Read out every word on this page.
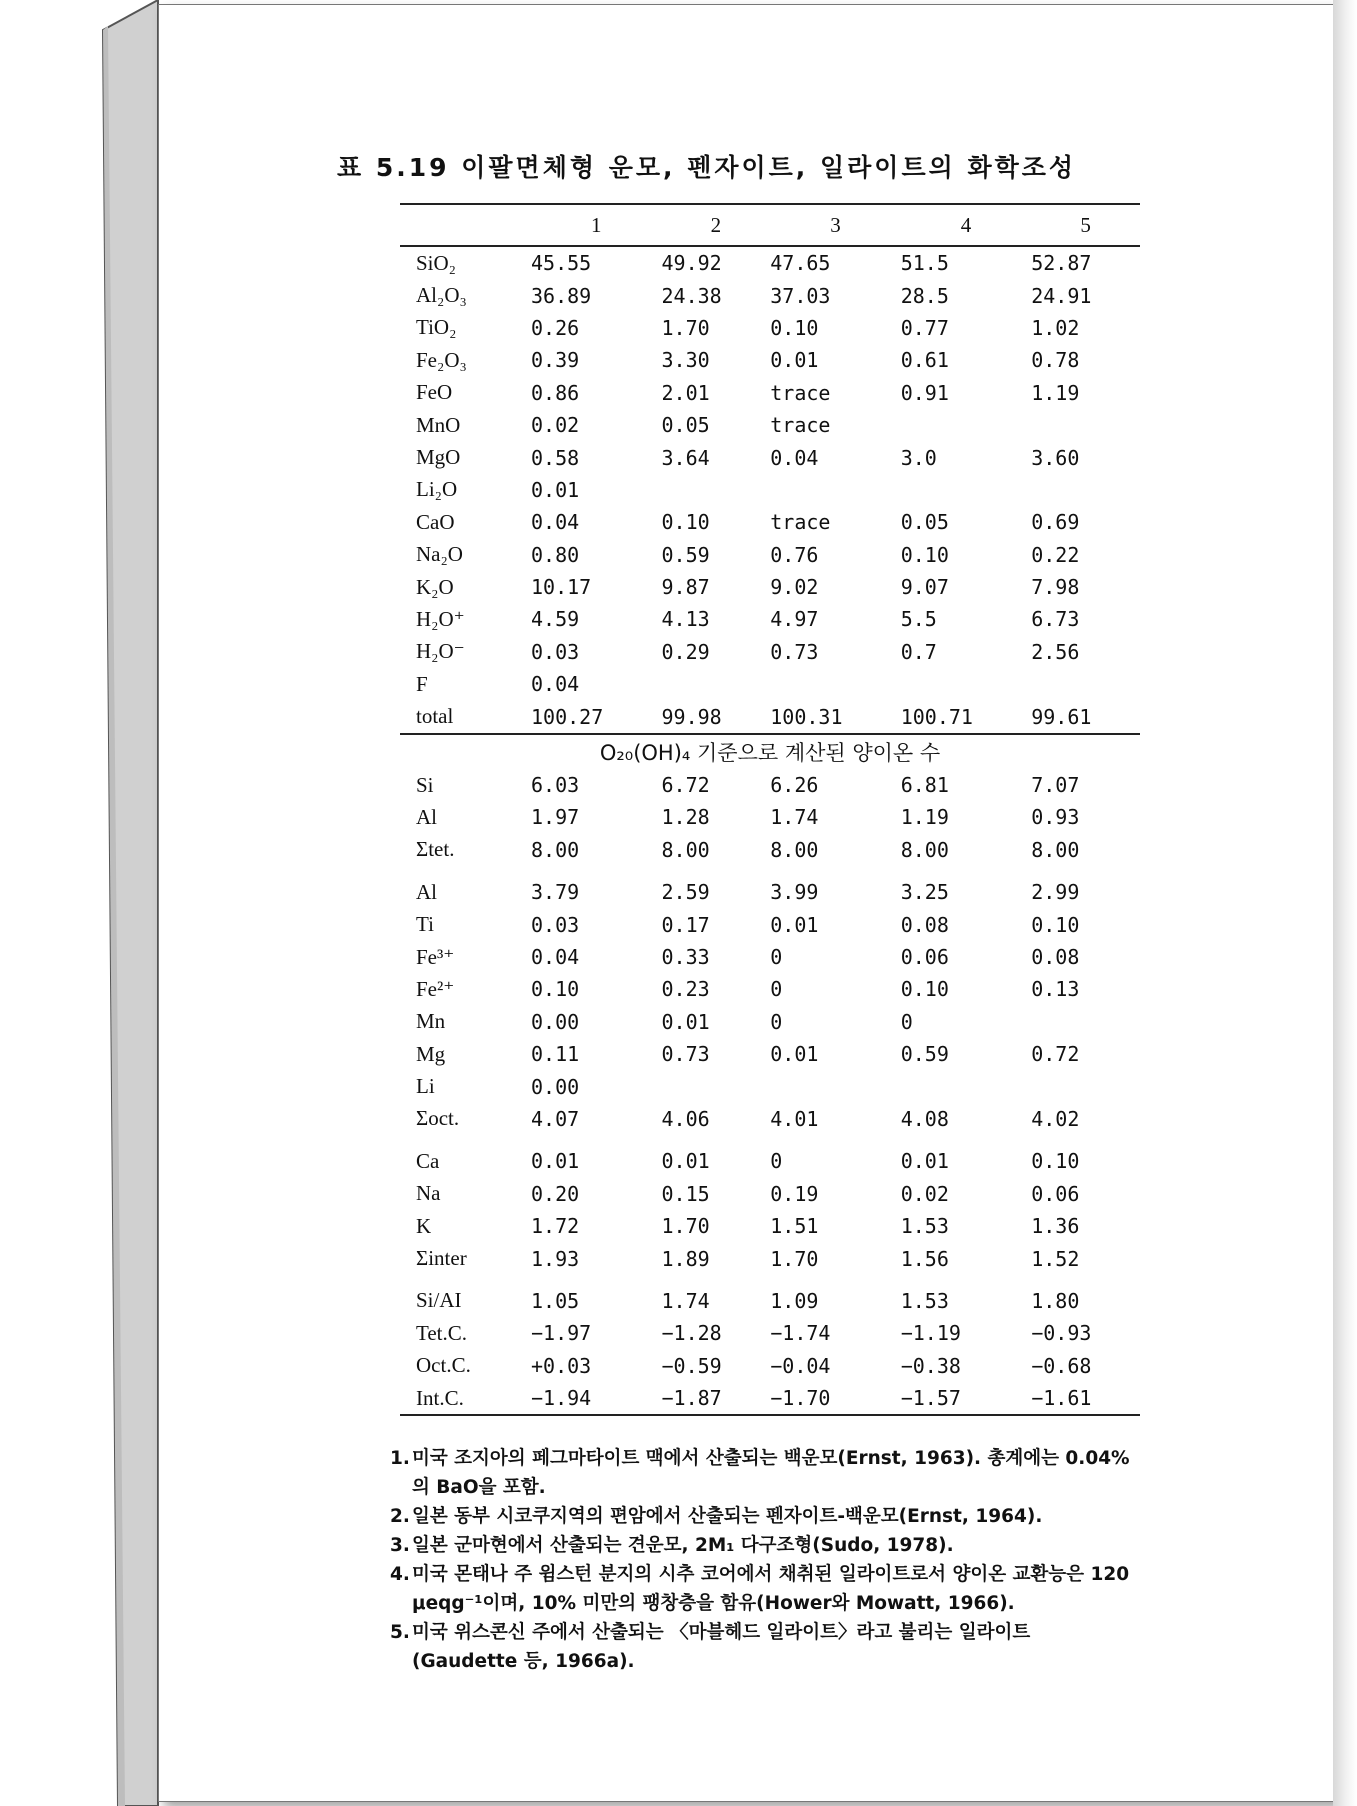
표 5.19 이팔면체형 운모, 펜자이트, 일라이트의 화학조성
	1	2	3	4	5
SiO₂	45.55	49.92	47.65	51.5	52.87
Al₂O₃	36.89	24.38	37.03	28.5	24.91
TiO₂	0.26	1.70	0.10	0.77	1.02
Fe₂O₃	0.39	3.30	0.01	0.61	0.78
FeO	0.86	2.01	trace	0.91	1.19
MnO	0.02	0.05	trace		
MgO	0.58	3.64	0.04	3.0	3.60
Li₂O	0.01				
CaO	0.04	0.10	trace	0.05	0.69
Na₂O	0.80	0.59	0.76	0.10	0.22
K₂O	10.17	9.87	9.02	9.07	7.98
H₂O⁺	4.59	4.13	4.97	5.5	6.73
H₂O⁻	0.03	0.29	0.73	0.7	2.56
F	0.04				
total	100.27	99.98	100.31	100.71	99.61
O₂₀(OH)₄ 기준으로 계산된 양이온 수					
Si	6.03	6.72	6.26	6.81	7.07
Al	1.97	1.28	1.74	1.19	0.93
Σtet.	8.00	8.00	8.00	8.00	8.00
Al	3.79	2.59	3.99	3.25	2.99
Ti	0.03	0.17	0.01	0.08	0.10
Fe³⁺	0.04	0.33	0	0.06	0.08
Fe²⁺	0.10	0.23	0	0.10	0.13
Mn	0.00	0.01	0	0	
Mg	0.11	0.73	0.01	0.59	0.72
Li	0.00				
Σoct.	4.07	4.06	4.01	4.08	4.02
Ca	0.01	0.01	0	0.01	0.10
Na	0.20	0.15	0.19	0.02	0.06
K	1.72	1.70	1.51	1.53	1.36
Σinter	1.93	1.89	1.70	1.56	1.52
Si/AI	1.05	1.74	1.09	1.53	1.80
Tet.C.	−1.97	−1.28	−1.74	−1.19	−0.93
Oct.C.	+0.03	−0.59	−0.04	−0.38	−0.68
Int.C.	−1.94	−1.87	−1.70	−1.57	−1.61
1. 미국 조지아의 페그마타이트 맥에서 산출되는 백운모(Ernst, 1963). 총계에는 0.04%의 BaO을 포함.
2. 일본 동부 시코쿠지역의 편암에서 산출되는 펜자이트-백운모(Ernst, 1964).
3. 일본 군마현에서 산출되는 견운모, 2M₁ 다구조형(Sudo, 1978).
4. 미국 몬태나 주 윔스턴 분지의 시추 코어에서 채취된 일라이트로서 양이온 교환능은 120 μeqg⁻¹이며, 10% 미만의 팽창층을 함유(Hower와 Mowatt, 1966).
5. 미국 위스콘신 주에서 산출되는 〈마블헤드 일라이트〉라고 불리는 일라이트 (Gaudette 등, 1966a).
